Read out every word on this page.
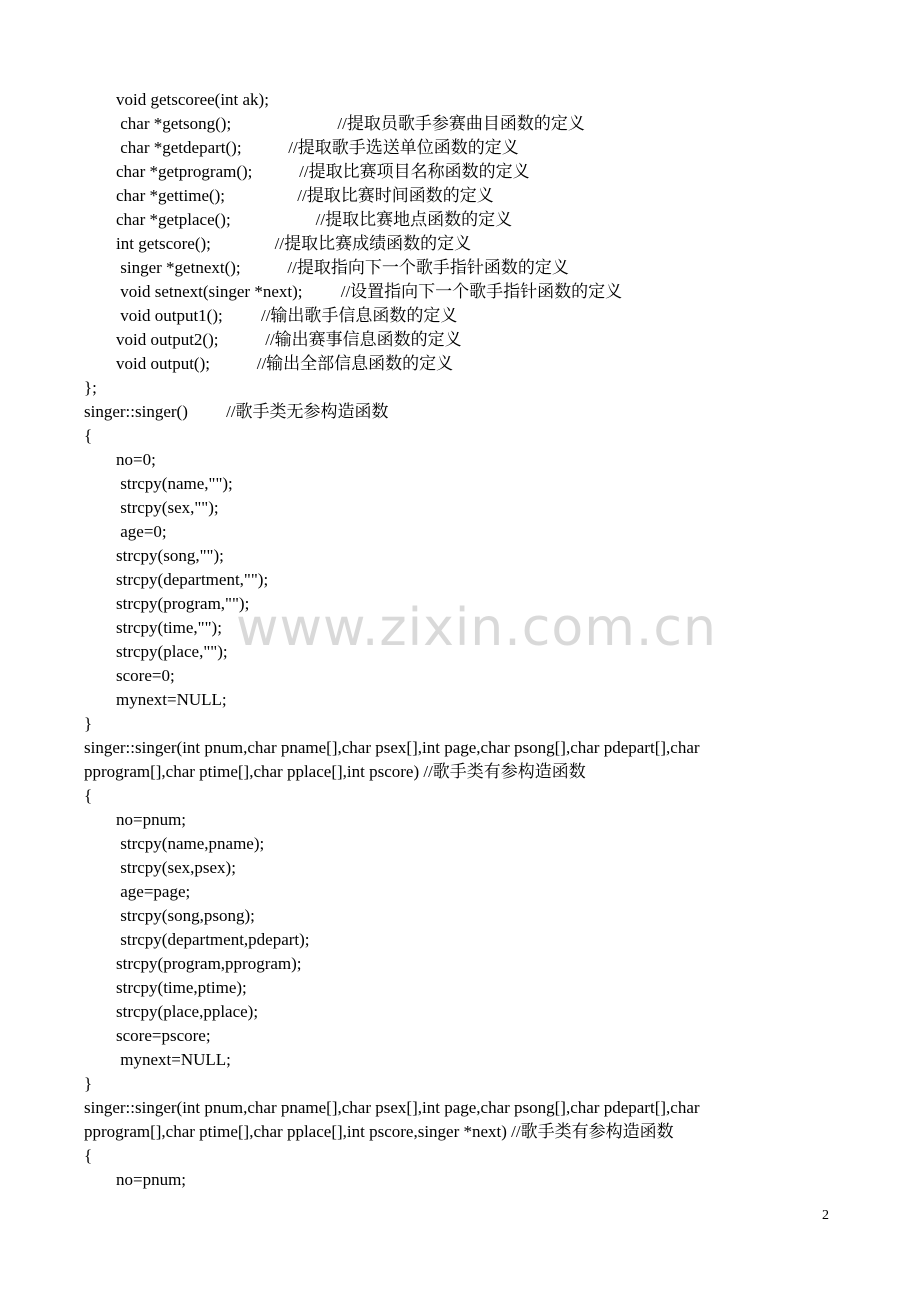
void getscoree(int ak);
char *getsong();                         //提取员歌手参赛曲目函数的定义
char *getdepart();           //提取歌手选送单位函数的定义
char *getprogram();           //提取比赛项目名称函数的定义
char *gettime();                 //提取比赛时间函数的定义
char *getplace();                    //提取比赛地点函数的定义
int getscore();               //提取比赛成绩函数的定义
singer *getnext();           //提取指向下一个歌手指针函数的定义
void setnext(singer *next);         //设置指向下一个歌手指针函数的定义
void output1();         //输出歌手信息函数的定义
void output2();           //输出赛事信息函数的定义
void output();           //输出全部信息函数的定义
};
singer::singer()         //歌手类无参构造函数
{
no=0;
strcpy(name,"");
strcpy(sex,"");
age=0;
strcpy(song,"");
strcpy(department,"");
strcpy(program,"");
strcpy(time,"");
strcpy(place,"");
score=0;
mynext=NULL;
}
singer::singer(int pnum,char pname[],char psex[],int page,char psong[],char pdepart[],char
pprogram[],char ptime[],char pplace[],int pscore) //歌手类有参构造函数
{
no=pnum;
strcpy(name,pname);
strcpy(sex,psex);
age=page;
strcpy(song,psong);
strcpy(department,pdepart);
strcpy(program,pprogram);
strcpy(time,ptime);
strcpy(place,pplace);
score=pscore;
mynext=NULL;
}
singer::singer(int pnum,char pname[],char psex[],int page,char psong[],char pdepart[],char
pprogram[],char ptime[],char pplace[],int pscore,singer *next) //歌手类有参构造函数
{
no=pnum;
www.zixin.com.cn
2
